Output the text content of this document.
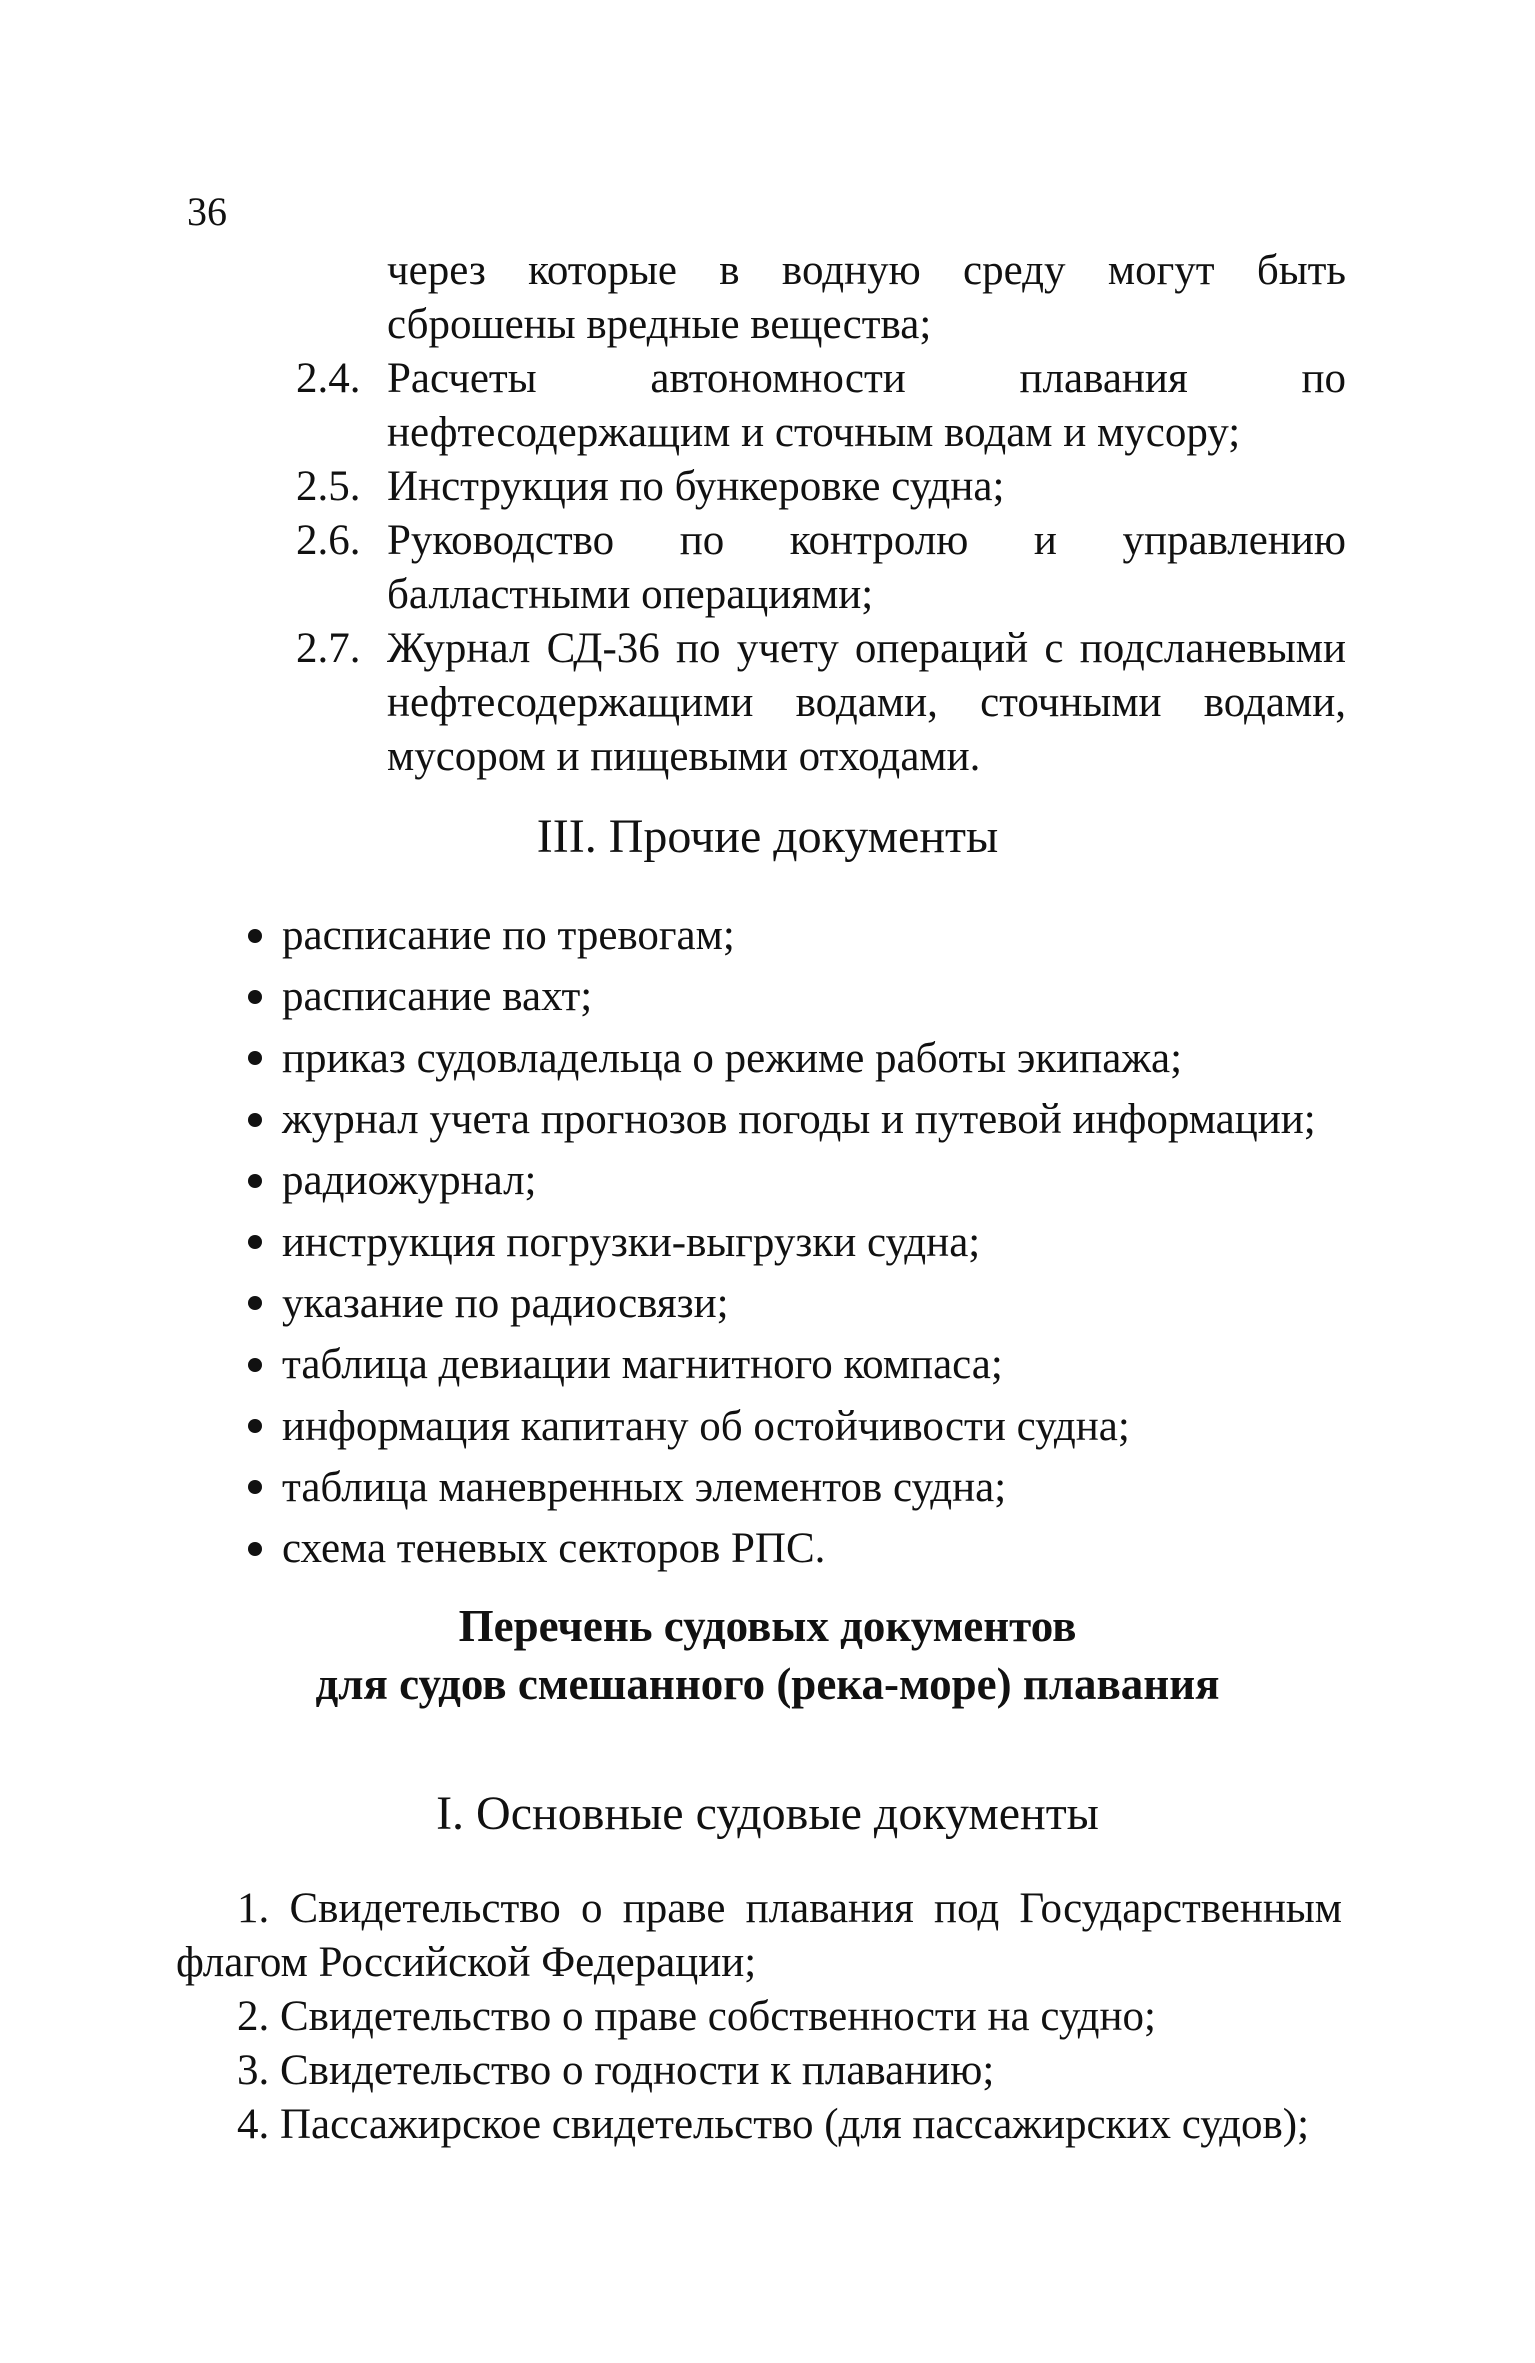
36
через которые в водную среду могут быть сброшены вредные вещества;
2.4. Расчеты автономности плавания по нефтесодержащим и сточным водам и мусору;
2.5. Инструкция по бункеровке судна;
2.6. Руководство по контролю и управлению балластными операциями;
2.7. Журнал СД-36 по учету операций с подсланевыми нефтесодержащими водами, сточными водами, мусором и пищевыми отходами.
III. Прочие документы
расписание по тревогам;
расписание вахт;
приказ судовладельца о режиме работы экипажа;
журнал учета прогнозов погоды и путевой информации;
радиожурнал;
инструкция погрузки-выгрузки судна;
указание по радиосвязи;
таблица девиации магнитного компаса;
информация капитану об остойчивости судна;
таблица маневренных элементов судна;
схема теневых секторов РПС.
Перечень судовых документов
для судов смешанного (река-море) плавания
I. Основные судовые документы

1. Свидетельство о праве плавания под Государственным флагом Российской Федерации;

2. Свидетельство о праве собственности на судно;

3. Свидетельство о годности к плаванию;

4. Пассажирское свидетельство (для пассажирских судов);
